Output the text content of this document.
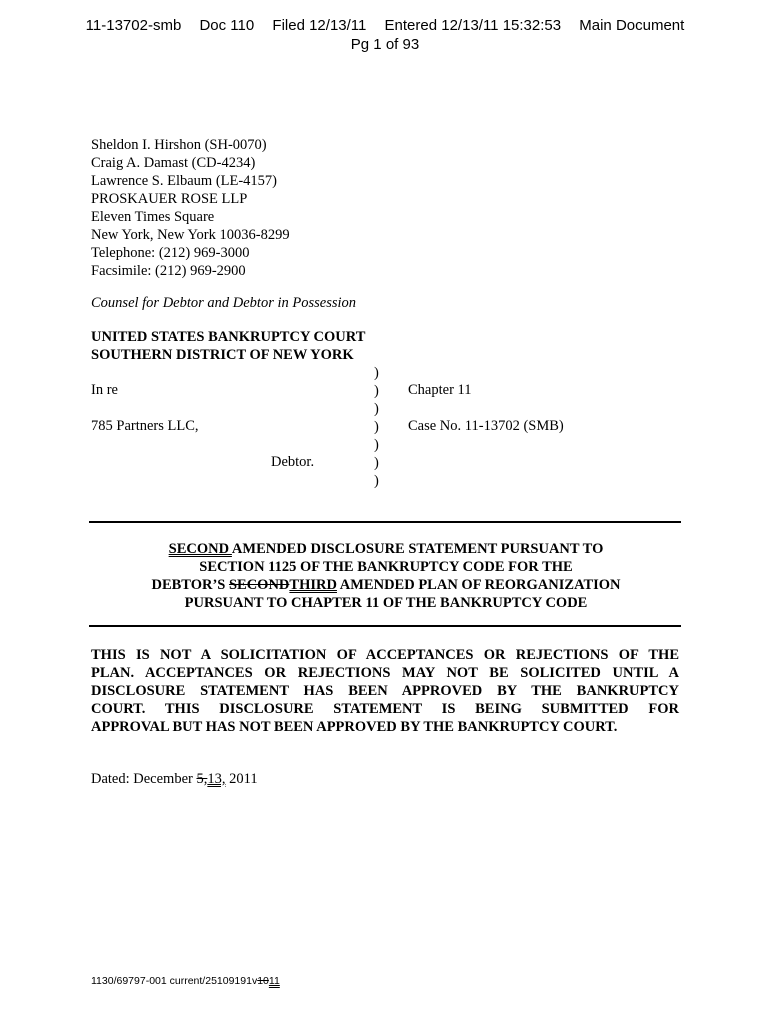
11-13702-smb Doc 110 Filed 12/13/11 Entered 12/13/11 15:32:53 Main Document
Pg 1 of 93
Sheldon I. Hirshon (SH-0070)
Craig A. Damast (CD-4234)
Lawrence S. Elbaum (LE-4157)
PROSKAUER ROSE LLP
Eleven Times Square
New York, New York 10036-8299
Telephone: (212) 969-3000
Facsimile: (212) 969-2900
Counsel for Debtor and Debtor in Possession
UNITED STATES BANKRUPTCY COURT
SOUTHERN DISTRICT OF NEW YORK
)
)
)
)
)
)
)
In re	Chapter 11
785 Partners LLC,	Case No. 11-13702 (SMB)
Debtor.
SECOND AMENDED DISCLOSURE STATEMENT PURSUANT TO
SECTION 1125 OF THE BANKRUPTCY CODE FOR THE
DEBTOR’S SECONDTHIRD AMENDED PLAN OF REORGANIZATION
PURSUANT TO CHAPTER 11 OF THE BANKRUPTCY CODE
THIS IS NOT A SOLICITATION OF ACCEPTANCES OR REJECTIONS OF THE
PLAN. ACCEPTANCES OR REJECTIONS MAY NOT BE SOLICITED UNTIL A
DISCLOSURE STATEMENT HAS BEEN APPROVED BY THE BANKRUPTCY
COURT. THIS DISCLOSURE STATEMENT IS BEING SUBMITTED FOR
APPROVAL BUT HAS NOT BEEN APPROVED BY THE BANKRUPTCY COURT.
Dated: December 5,13, 2011
1130/69797-001 current/25109191v1011
